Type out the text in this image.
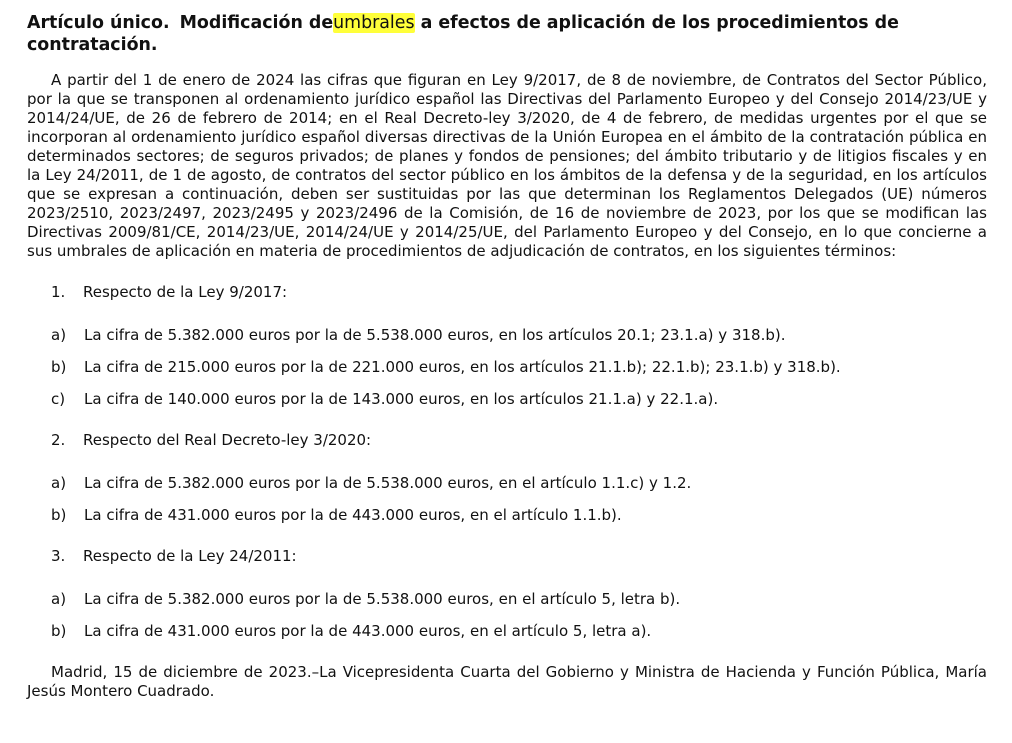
Artículo único. Modificación deumbrales a efectos de aplicación de los procedimientos de contratación.

A partir del 1 de enero de 2024 las cifras que figuran en Ley 9/2017, de 8 de noviembre, de Contratos del Sector Público, por la que se transponen al ordenamiento jurídico español las Directivas del Parlamento Europeo y del Consejo 2014/23/UE y 2014/24/UE, de 26 de febrero de 2014; en el Real Decreto-ley 3/2020, de 4 de febrero, de medidas urgentes por el que se incorporan al ordenamiento jurídico español diversas directivas de la Unión Europea en el ámbito de la contratación pública en determinados sectores; de seguros privados; de planes y fondos de pensiones; del ámbito tributario y de litigios fiscales y en la Ley 24/2011, de 1 de agosto, de contratos del sector público en los ámbitos de la defensa y de la seguridad, en los artículos que se expresan a continuación, deben ser sustituidas por las que determinan los Reglamentos Delegados (UE) números 2023/2510, 2023/2497, 2023/2495 y 2023/2496 de la Comisión, de 16 de noviembre de 2023, por los que se modifican las Directivas 2009/81/CE, 2014/23/UE, 2014/24/UE y 2014/25/UE, del Parlamento Europeo y del Consejo, en lo que concierne a sus umbrales de aplicación en materia de procedimientos de adjudicación de contratos, en los siguientes términos:

1. Respecto de la Ley 9/2017:
a) La cifra de 5.382.000 euros por la de 5.538.000 euros, en los artículos 20.1; 23.1.a) y 318.b).
b) La cifra de 215.000 euros por la de 221.000 euros, en los artículos 21.1.b); 22.1.b); 23.1.b) y 318.b).
c) La cifra de 140.000 euros por la de 143.000 euros, en los artículos 21.1.a) y 22.1.a).
2. Respecto del Real Decreto-ley 3/2020:
a) La cifra de 5.382.000 euros por la de 5.538.000 euros, en el artículo 1.1.c) y 1.2.
b) La cifra de 431.000 euros por la de 443.000 euros, en el artículo 1.1.b).
3. Respecto de la Ley 24/2011:
a) La cifra de 5.382.000 euros por la de 5.538.000 euros, en el artículo 5, letra b).
b) La cifra de 431.000 euros por la de 443.000 euros, en el artículo 5, letra a).

Madrid, 15 de diciembre de 2023.–La Vicepresidenta Cuarta del Gobierno y Ministra de Hacienda y Función Pública, María Jesús Montero Cuadrado.
